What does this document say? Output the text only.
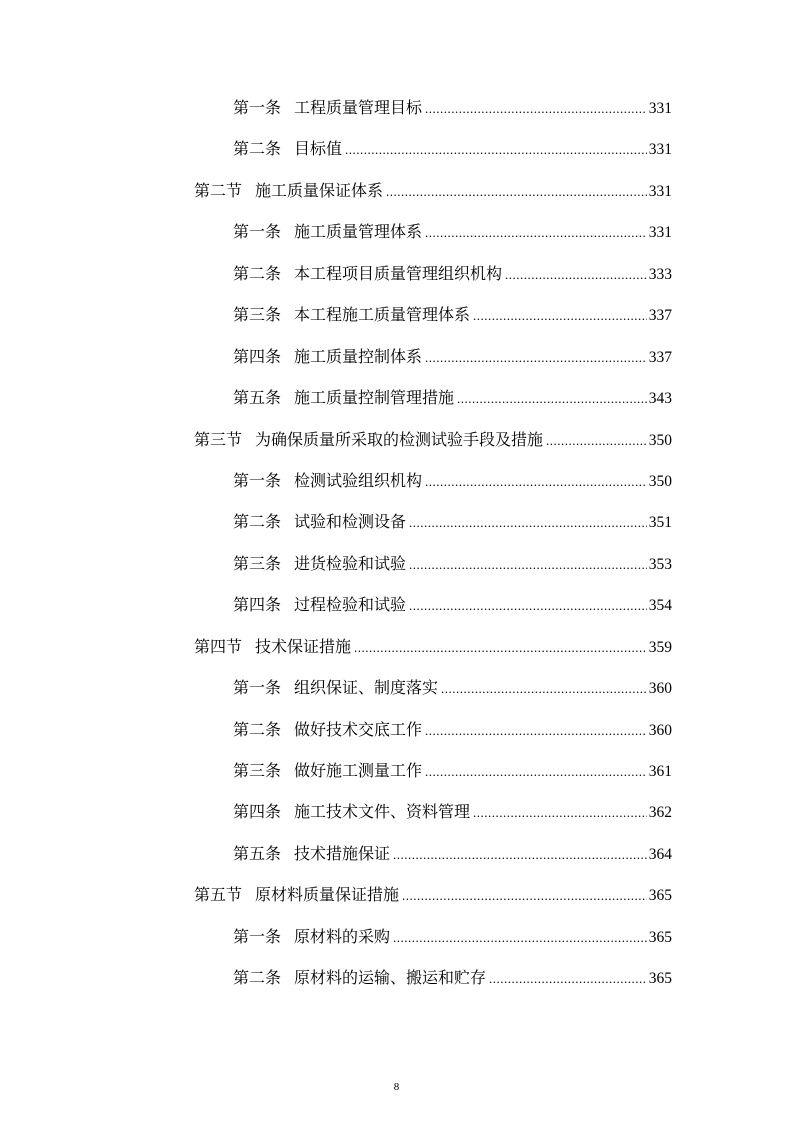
第一条 工程质量管理目标 .....	331
第二条 目标值 .....	331
第二节 施工质量保证体系 .....	331
第一条 施工质量管理体系 .....	331
第二条 本工程项目质量管理组织机构 .....	333
第三条 本工程施工质量管理体系 .....	337
第四条 施工质量控制体系 .....	337
第五条 施工质量控制管理措施 .....	343
第三节 为确保质量所采取的检测试验手段及措施 .....	350
第一条 检测试验组织机构 .....	350
第二条 试验和检测设备 .....	351
第三条 进货检验和试验 .....	353
第四条 过程检验和试验 .....	354
第四节 技术保证措施 .....	359
第一条 组织保证、制度落实 .....	360
第二条 做好技术交底工作 .....	360
第三条 做好施工测量工作 .....	361
第四条 施工技术文件、资料管理 .....	362
第五条 技术措施保证 .....	364
第五节 原材料质量保证措施 .....	365
第一条 原材料的采购 .....	365
第二条 原材料的运输、搬运和贮存 .....	365
8
